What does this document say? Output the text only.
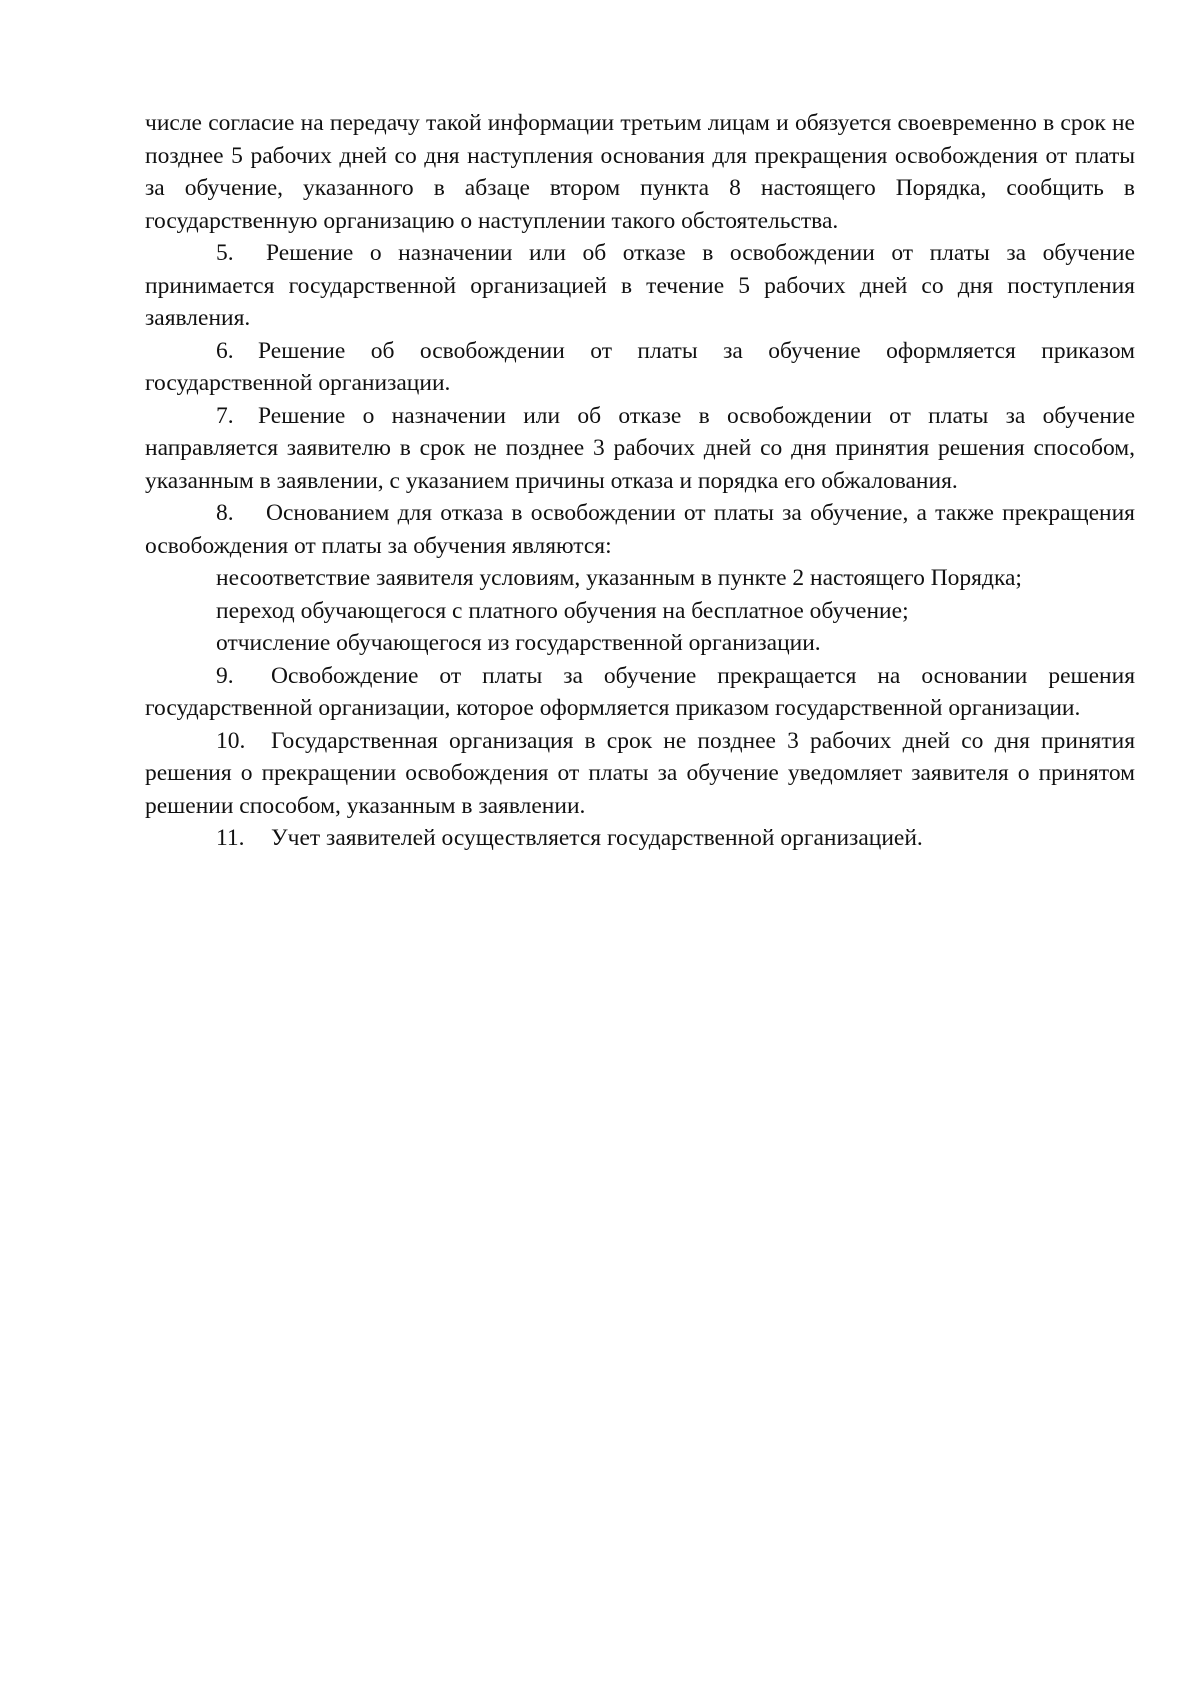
числе согласие на передачу такой информации третьим лицам и обязуется своевременно в срок не позднее 5 рабочих дней со дня наступления основания для прекращения освобождения от платы за обучение, указанного в абзаце втором пункта 8 настоящего Порядка, сообщить в государственную организацию о наступлении такого обстоятельства.

5. Решение о назначении или об отказе в освобождении от платы за обучение принимается государственной организацией в течение 5 рабочих дней со дня поступления заявления.

6. Решение об освобождении от платы за обучение оформляется приказом государственной организации.

7. Решение о назначении или об отказе в освобождении от платы за обучение направляется заявителю в срок не позднее 3 рабочих дней со дня принятия решения способом, указанным в заявлении, с указанием причины отказа и порядка его обжалования.

8. Основанием для отказа в освобождении от платы за обучение, а также прекращения освобождения от платы за обучения являются:

несоответствие заявителя условиям, указанным в пункте 2 настоящего Порядка;

переход обучающегося с платного обучения на бесплатное обучение;

отчисление обучающегося из государственной организации.

9. Освобождение от платы за обучение прекращается на основании решения государственной организации, которое оформляется приказом государственной организации.

10. Государственная организация в срок не позднее 3 рабочих дней со дня принятия решения о прекращении освобождения от платы за обучение уведомляет заявителя о принятом решении способом, указанным в заявлении.

11. Учет заявителей осуществляется государственной организацией.
